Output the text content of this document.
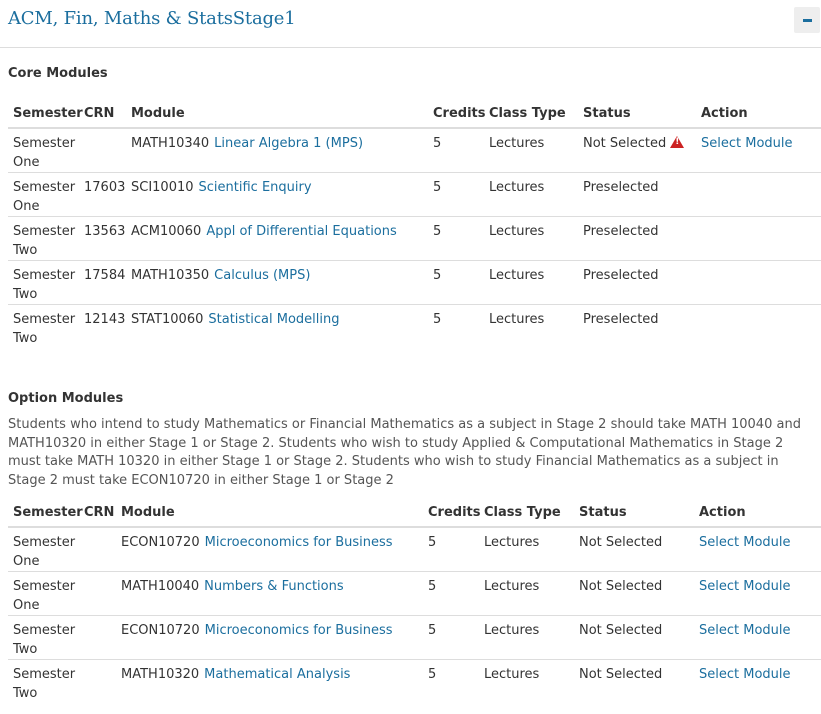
ACM, Fin, Maths & StatsStage1
Core Modules
Semester	CRN	Module	Credits	Class Type	Status	Action
Semester One		MATH10340 Linear Algebra 1 (MPS)	5	Lectures	Not Selected!	Select Module
Semester One	17603	SCI10010 Scientific Enquiry	5	Lectures	Preselected	
Semester Two	13563	ACM10060 Appl of Differential Equations	5	Lectures	Preselected	
Semester Two	17584	MATH10350 Calculus (MPS)	5	Lectures	Preselected	
Semester Two	12143	STAT10060 Statistical Modelling	5	Lectures	Preselected	
Option Modules

Students who intend to study Mathematics or Financial Mathematics as a subject in Stage 2 should take MATH 10040 and MATH10320 in either Stage 1 or Stage 2. Students who wish to study Applied & Computational Mathematics in Stage 2 must take MATH 10320 in either Stage 1 or Stage 2. Students who wish to study Financial Mathematics as a subject in Stage 2 must take ECON10720 in either Stage 1 or Stage 2

Semester	CRN	Module	Credits	Class Type	Status	Action
Semester One		ECON10720 Microeconomics for Business	5	Lectures	Not Selected	Select Module
Semester One		MATH10040 Numbers & Functions	5	Lectures	Not Selected	Select Module
Semester Two		ECON10720 Microeconomics for Business	5	Lectures	Not Selected	Select Module
Semester Two		MATH10320 Mathematical Analysis	5	Lectures	Not Selected	Select Module
